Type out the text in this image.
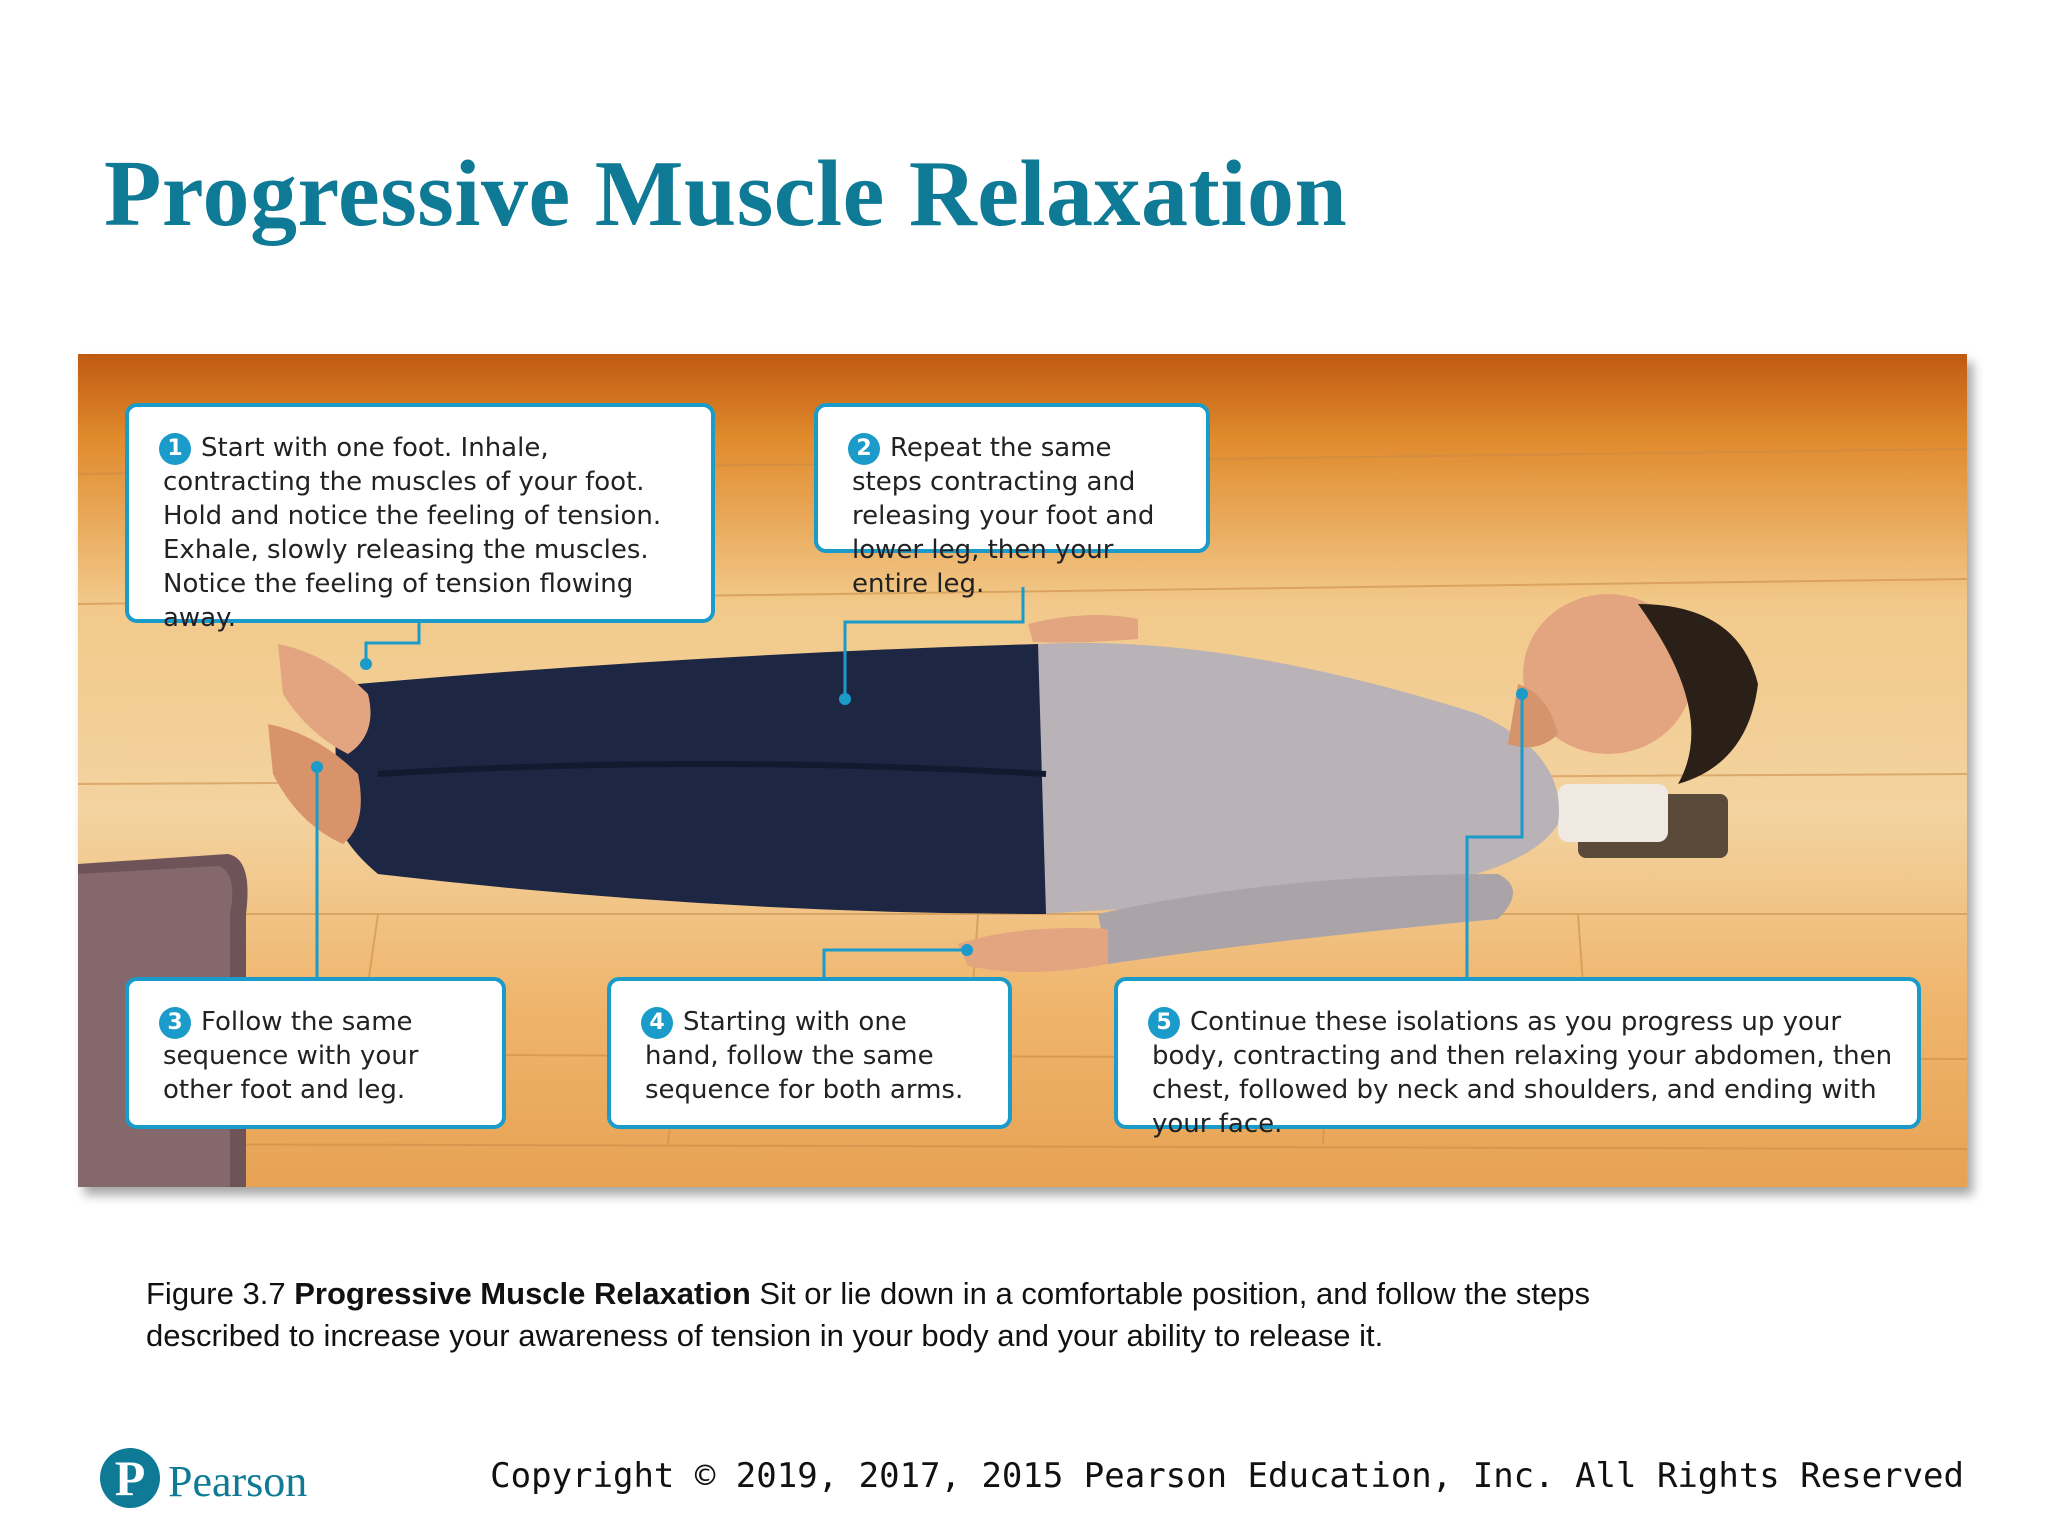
Progressive Muscle Relaxation
1 Start with one foot. Inhale, contracting the muscles of your foot. Hold and notice the feeling of tension. Exhale, slowly releasing the muscles. Notice the feeling of tension flowing away.
2 Repeat the same steps contracting and releasing your foot and lower leg, then your entire leg.
3 Follow the same sequence with your other foot and leg.
4 Starting with one hand, follow the same sequence for both arms.
5 Continue these isolations as you progress up your body, contracting and then relaxing your abdomen, then chest, followed by neck and shoulders, and ending with your face.

Figure 3.7 Progressive Muscle Relaxation Sit or lie down in a comfortable position, and follow the steps described to increase your awareness of tension in your body and your ability to release it.

P Pearson	Copyright © 2019, 2017, 2015 Pearson Education, Inc. All Rights Reserved
